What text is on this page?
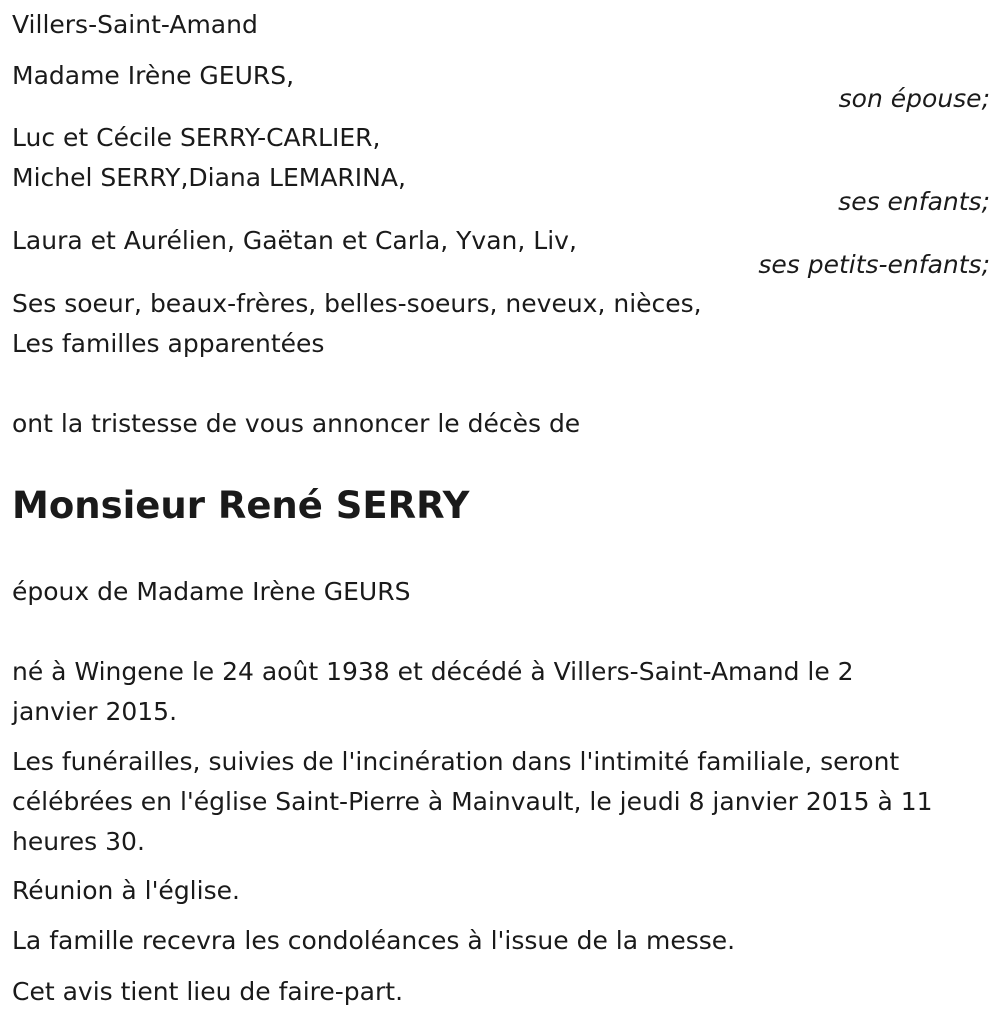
Villers-Saint-Amand
Madame Irène GEURS,
son épouse;
Luc et Cécile SERRY-CARLIER,
Michel SERRY,Diana LEMARINA,
ses enfants;
Laura et Aurélien, Gaëtan et Carla, Yvan, Liv,
ses petits-enfants;
Ses soeur, beaux-frères, belles-soeurs, neveux, nièces,
Les familles apparentées
ont la tristesse de vous annoncer le décès de
Monsieur René SERRY
époux de Madame Irène GEURS
né à Wingene le 24 août 1938 et décédé à Villers-Saint-Amand le 2
janvier 2015.
Les funérailles, suivies de l'incinération dans l'intimité familiale, seront
célébrées en l'église Saint-Pierre à Mainvault, le jeudi 8 janvier 2015 à 11
heures 30.
Réunion à l'église.
La famille recevra les condoléances à l'issue de la messe.
Cet avis tient lieu de faire-part.
